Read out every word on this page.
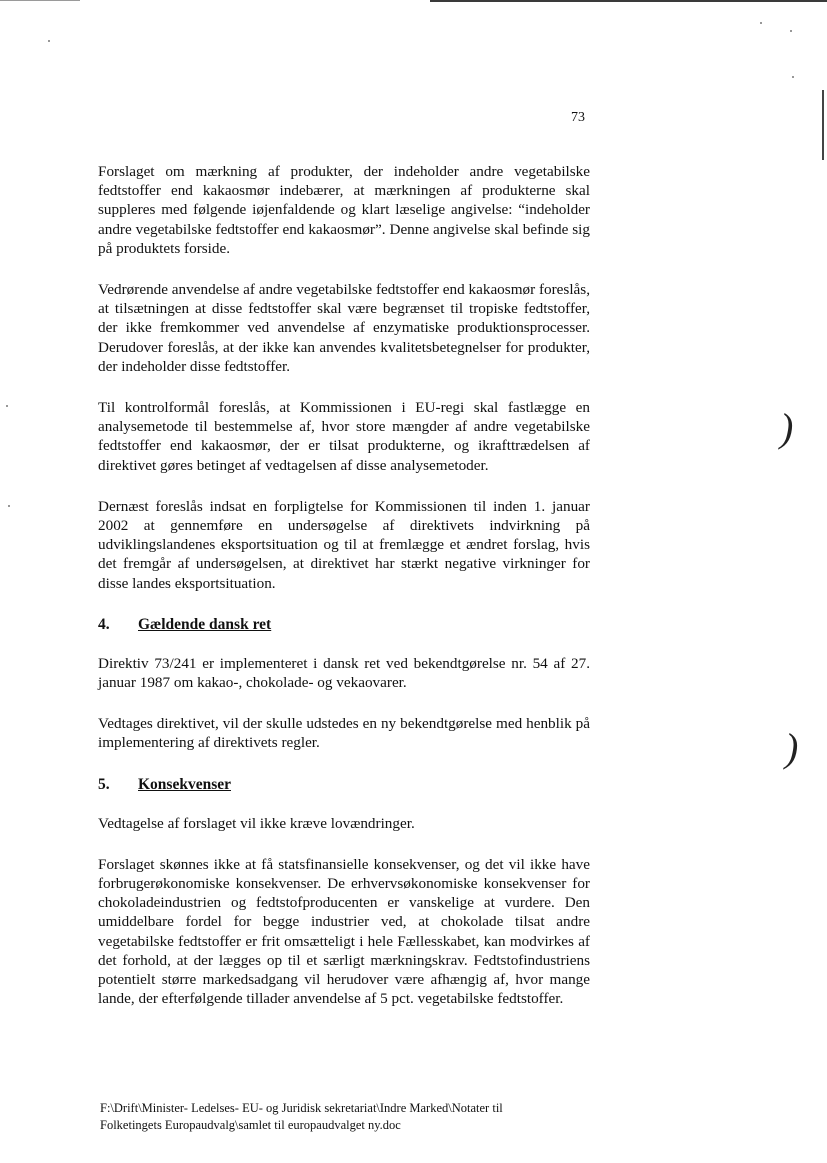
)
)
73

Forslaget om mærkning af produkter, der indeholder andre vegetabilske fedtstoffer end kakaosmør indebærer, at mærkningen af produkterne skal suppleres med følgende iøjenfaldende og klart læselige angivelse: “indeholder andre vegetabilske fedtstoffer end kakaosmør”. Denne angivelse skal befinde sig på produktets forside.

Vedrørende anvendelse af andre vegetabilske fedtstoffer end kakaosmør foreslås, at tilsætningen at disse fedtstoffer skal være begrænset til tropiske fedtstoffer, der ikke fremkommer ved anvendelse af enzymatiske produktionsprocesser. Derudover foreslås, at der ikke kan anvendes kvalitetsbetegnelser for produkter, der indeholder disse fedtstoffer.

Til kontrolformål foreslås, at Kommissionen i EU-regi skal fastlægge en analysemetode til bestemmelse af, hvor store mængder af andre vegetabilske fedtstoffer end kakaosmør, der er tilsat produkterne, og ikrafttrædelsen af direktivet gøres betinget af vedtagelsen af disse analysemetoder.

Dernæst foreslås indsat en forpligtelse for Kommissionen til inden 1. januar 2002 at gennemføre en undersøgelse af direktivets indvirkning på udviklingslandenes eksportsituation og til at fremlægge et ændret forslag, hvis det fremgår af undersøgelsen, at direktivet har stærkt negative virkninger for disse landes eksportsituation.

4.	Gældende dansk ret

Direktiv 73/241 er implementeret i dansk ret ved bekendtgørelse nr. 54 af 27. januar 1987 om kakao-, chokolade- og vekaovarer.

Vedtages direktivet, vil der skulle udstedes en ny bekendtgørelse med henblik på implementering af direktivets regler.

5.	Konsekvenser

Vedtagelse af forslaget vil ikke kræve lovændringer.

Forslaget skønnes ikke at få statsfinansielle konsekvenser, og det vil ikke have forbrugerøkonomiske konsekvenser. De erhvervsøkonomiske konsekvenser for chokoladeindustrien og fedtstofproducenten er vanskelige at vurdere. Den umiddelbare fordel for begge industrier ved, at chokolade tilsat andre vegetabilske fedtstoffer er frit omsætteligt i hele Fællesskabet, kan modvirkes af det forhold, at der lægges op til et særligt mærkningskrav. Fedtstofindustriens potentielt større markedsadgang vil herudover være afhængig af, hvor mange lande, der efterfølgende tillader anvendelse af 5 pct. vegetabilske fedtstoffer.

F:\Drift\Minister- Ledelses- EU- og Juridisk sekretariat\Indre Marked\Notater til
Folketingets Europaudvalg\samlet til europaudvalget ny.doc
